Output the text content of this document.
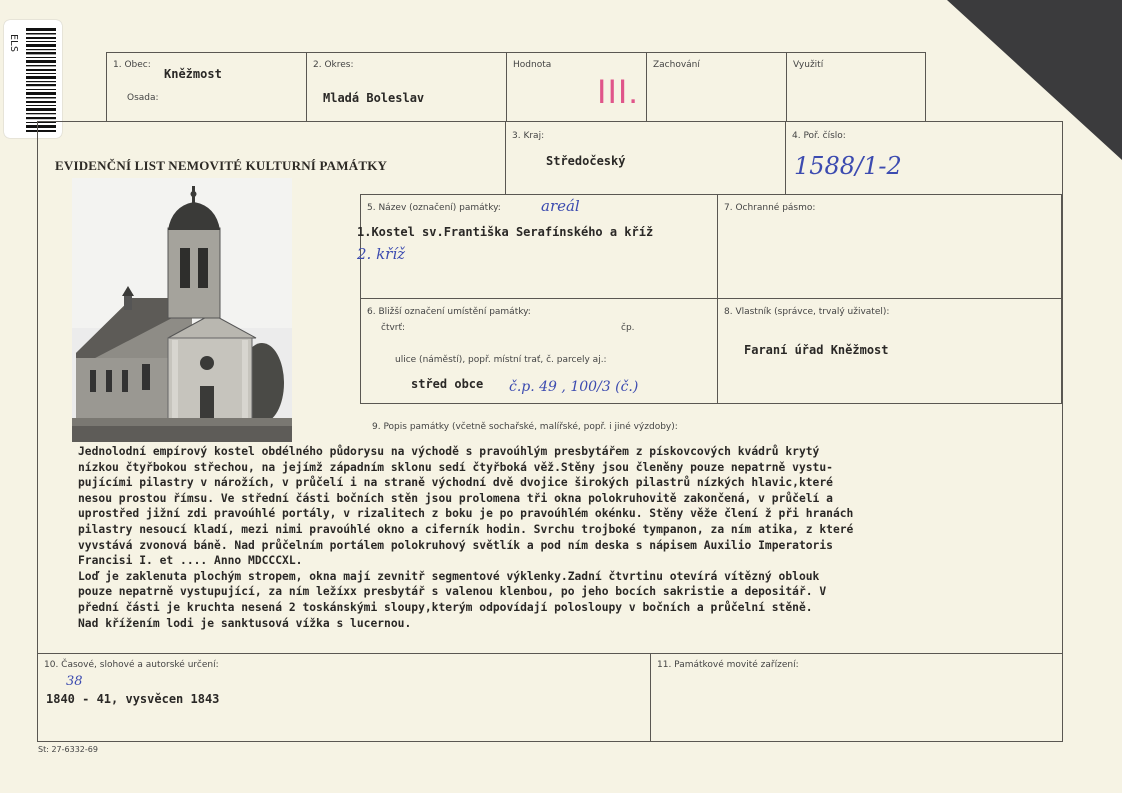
ELS
1. Obec:
Kněžmost
Osada:
2. Okres:
Mladá Boleslav
Hodnota
III.
Zachování	Využití
3. Kraj:
Středočeský
4. Poř. číslo:
1588/1-2
EVIDENČNÍ LIST NEMOVITÉ KULTURNÍ PAMÁTKY
5. Název (označení) památky:	areál
1.Kostel sv.Františka Serafínského a kříž
2. kříž
7. Ochranné pásmo:
6. Bližší označení umístění památky:
čtvrť:	čp.
ulice (náměstí), popř. místní trať, č. parcely aj.:
střed obce č.p. 49 , 100/3 (č.)
8. Vlastník (správce, trvalý uživatel):
Faraní úřad Kněžmost
9. Popis památky (včetně sochařské, malířské, popř. i jiné výzdoby):
Jednolodní empírový kostel obdélného půdorysu na východě s pravoúhlým presbytářem z pískovcových kvádrů krytý
nízkou čtyřbokou střechou, na jejímž západním sklonu sedí čtyřboká věž.Stěny jsou členěny pouze nepatrně vystu-
pujícími pilastry v nárožích, v průčelí i na straně východní dvě dvojice širokých pilastrů nízkých hlavic,které
nesou prostou římsu. Ve střední části bočních stěn jsou prolomena tři okna polokruhovitě zakončená, v průčelí a
uprostřed jižní zdi pravoúhlé portály, v rizalitech z boku je po pravoúhlém okénku. Stěny věže člení ž při hranách
pilastry nesoucí kladí, mezi nimi pravoúhlé okno a ciferník hodin. Svrchu trojboké tympanon, za ním atika, z které
vyvstává zvonová báně. Nad průčelním portálem polokruhový světlík a pod ním deska s nápisem Auxilio Imperatoris
Francisi I. et .... Anno MDCCCXL.
Loď je zaklenuta plochým stropem, okna mají zevnitř segmentové výklenky.Zadní čtvrtinu otevírá vítězný oblouk
pouze nepatrně vystupující, za ním ležíxx presbytář s valenou klenbou, po jeho bocích sakristie a depositář. V
přední části je kruchta nesená 2 toskánskými sloupy,kterým odpovídají polosloupy v bočních a průčelní stěně.
Nad křížením lodi je sanktusová vížka s lucernou.
10. Časové, slohové a autorské určení:
38
1840 - 41, vysvěcen 1843
11. Památkové movité zařízení:
St: 27-6332-69
